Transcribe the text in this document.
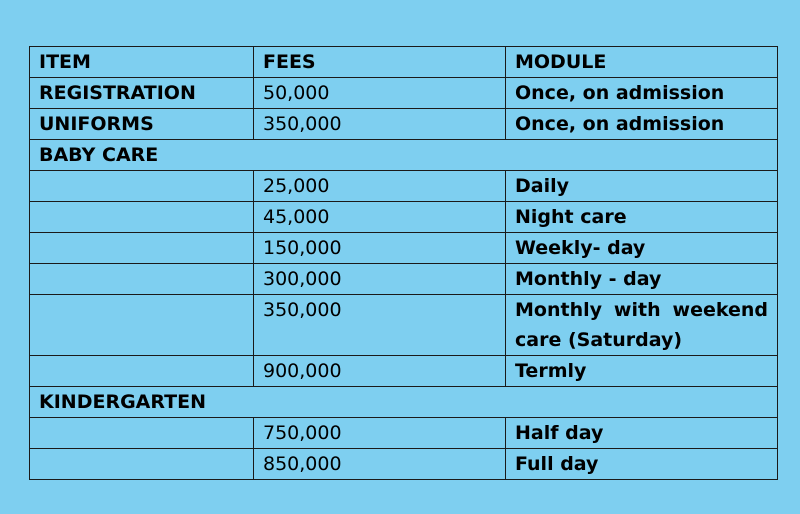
ITEM	FEES	MODULE
REGISTRATION	50,000	Once, on admission
UNIFORMS	350,000	Once, on admission
BABY CARE		
	25,000	Daily
	45,000	Night care
	150,000	Weekly- day
	300,000	Monthly - day
	350,000	Monthly with weekend care (Saturday)
	900,000	Termly
KINDERGARTEN		
	750,000	Half day
	850,000	Full day
